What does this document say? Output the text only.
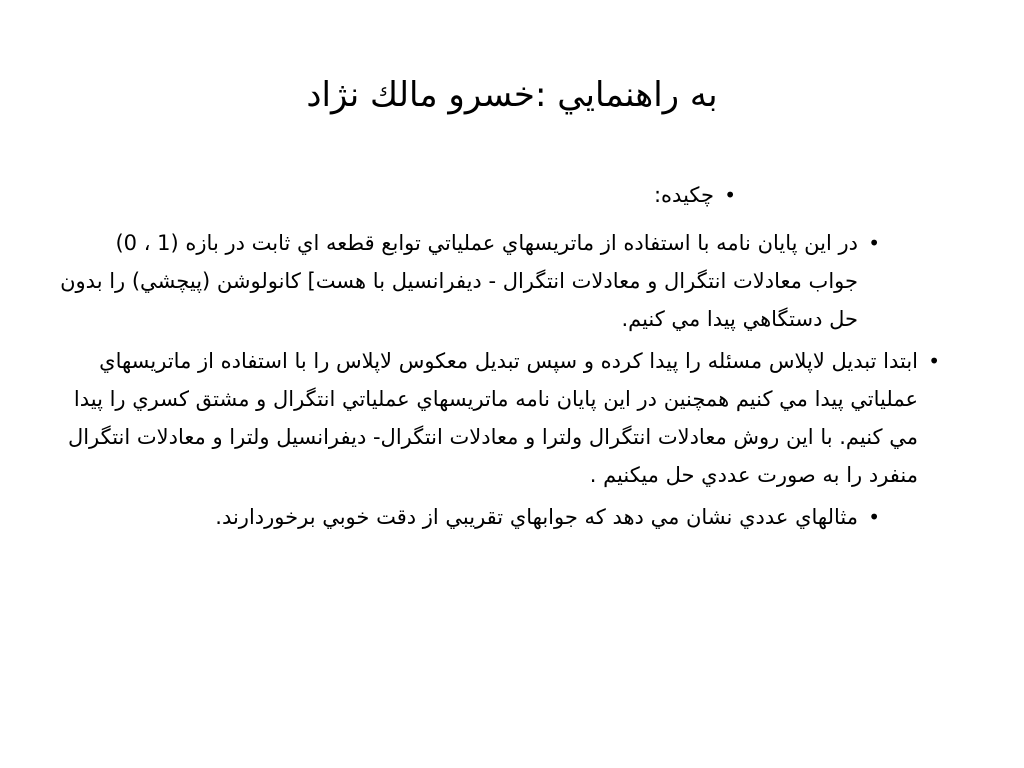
به راهنمايي :خسرو مالك نژاد
•
چكيده:
•
در اين پايان نامه با استفاده از ماتريسهاي عملياتي توابع قطعه اي ثابت در بازه (1 ، 0) جواب معادلات انتگرال و معادلات انتگرال - ديفرانسيل با هست] كانولوشن (پيچشي) را بدون حل دستگاهي پيدا مي كنيم.
•
ابتدا تبديل لاپلاس مسئله را پيدا كرده و سپس تبديل معكوس لاپلاس را با استفاده از ماتريسهاي عملياتي پيدا مي كنيم همچنين در اين پايان نامه ماتريسهاي عملياتي انتگرال و مشتق كسري را پيدا مي كنيم. با اين روش معادلات انتگرال ولترا و معادلات انتگرال- ديفرانسيل ولترا و معادلات انتگرال منفرد را به صورت عددي حل ميكنيم .
•
مثالهاي عددي نشان مي دهد كه جوابهاي تقريبي از دقت خوبي برخوردارند.
